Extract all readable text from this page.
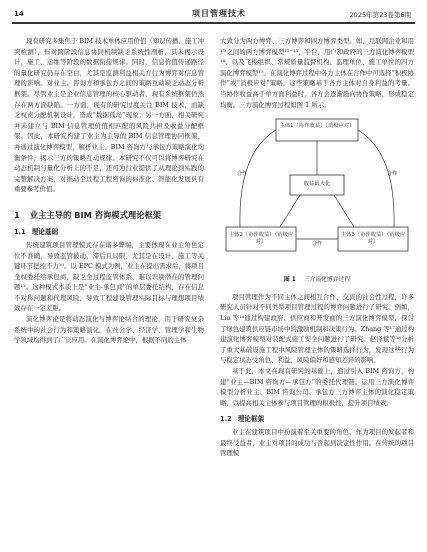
14	项目管理技术	2025年第23卷第6期

现有研究多集焦于 BIM 技术单体应用价值（知识传播、施工冲突检测），但对跨阶段信息协同机制缺乏系统性剖析，其未揭示设计、施工、运维等阶段的数据衔接规律。同时，信息价值传递路径的量化研究仍存在空白，尤其是监测利益相关方行为博弈对信息管理的影响。对业主、咨询方和承包方之间的策略互动缺乏动态分析框架。尽管业主是企业信息管理的核心驱动者，现有系统框架仍然存在两方面缺陷。一方面，现有的研究过度关注 BIM 技术，而缺乏权责分配机制设计，造成“数据孤岛”现象；另一方面，相关研究并未建立与 BIM 信息管理价值相匹配的风险共担及收益分配框架。因此，本研究构建了业主为主导的 BIM 信息管理协同框架，并通过演化博弈模型，解析业主、BIM 咨询方与承包方策略演化均衡条件，揭示三方的策略互动规律。本研究不仅可以将博弈研究在动态机制与量化分析上的不足，还可为行业提供了从理论到实践的完整解决方案，对推动全过程工程咨询的标准化、智能化发展具有重要参考价值。

1 业主主导的 BIM 咨询模式理论框架
1.1 理论基础

传统建筑项目管理模式存在诸多弊端，主要体现在业主角色定位不准确，导致监管被动，滞后且局限，尤其是在设计、施工等关键环节把控不力¹⁰。以 EPC 模式为例，业主在提出需求后，将项目全权委托给承包商，缺乏全过程监管体系，难以识别潜在的管理问题¹¹。这种模式本质上是“业主-承包商”的单层委托结构，存在信息不对称问题和代理风险，导致工程建设管理实际目标与理想项目绩效存在一定差距。

演化博弈论是将动态演化与博弈论结合的理论，用于研究复杂系统中的社会行为和策略演化。在社会学、经济学、管理学和生物学领域均得到了广泛应用。在演化博弈论中，根据不同的主体

大致分为两方博弈、三方博弈和四方博弈类型。如，互联网企业和用户之间的两方博弈模型¹²⁻¹³，平台、用户和政府的三方演化博弈模型¹⁴，以及飞梭组织、常规质量监督机构、监理单位、施工单位的四方演化博弈模型¹⁵。在演化博弈过程中各方主体在合作中可选择“积极协作”或“消极应对”策略，这些策略基于各方主体对自身利益的考量。当协作收益高于单方面利益时，各方会逐渐趋向协作策略，形成稳定均衡。三方演化博弈过程如图 1 所示。

主体1（协作收益）（消极应对）
收益最大化
主体2（协作收益）（消极应对）
主体3（协作收益）（消极应对）
合作
合作	合作
图 1 三方演化博弈过程

项目管理作为不同主体之间相互合作、交流的社会性过程，许多研究人员针对不同类型项目管理过程的博弈问题进行了研究。例如，Liu 等¹⁶通过构建政府、供应商和开发商的三方演化博弈模型，探讨了绿色建筑供应链市场中的激励机制和决策行为。Zhang 等¹⁷通过构建演化博弈模型对装配式施工安全问题进行了研究。赵泽斌等¹⁸分析了重大基础设施工程中风险管理主体的策略选择行为，发现这些行为与稳定状态受角色、利益、风险偏好和感知差异的影响。

基于此，本文在现有研究的基础上，通过引入 BIM 咨询方，构建“业主—BIM 咨询方—承包方”的委托代理链。运用三方演化博弈模型分析业主、BIM 咨询公司、承包方三方博弈主体的演化稳定策略，以提高相关主体参与项目管理的积极性，提升项目绩效。

1.2 理论框架

业主在建筑项目中扮演着至关重要的角色，作为项目的发起者和最终受益者，业主对项目的成功与否起到决定性作用。在传统的项目管理模
